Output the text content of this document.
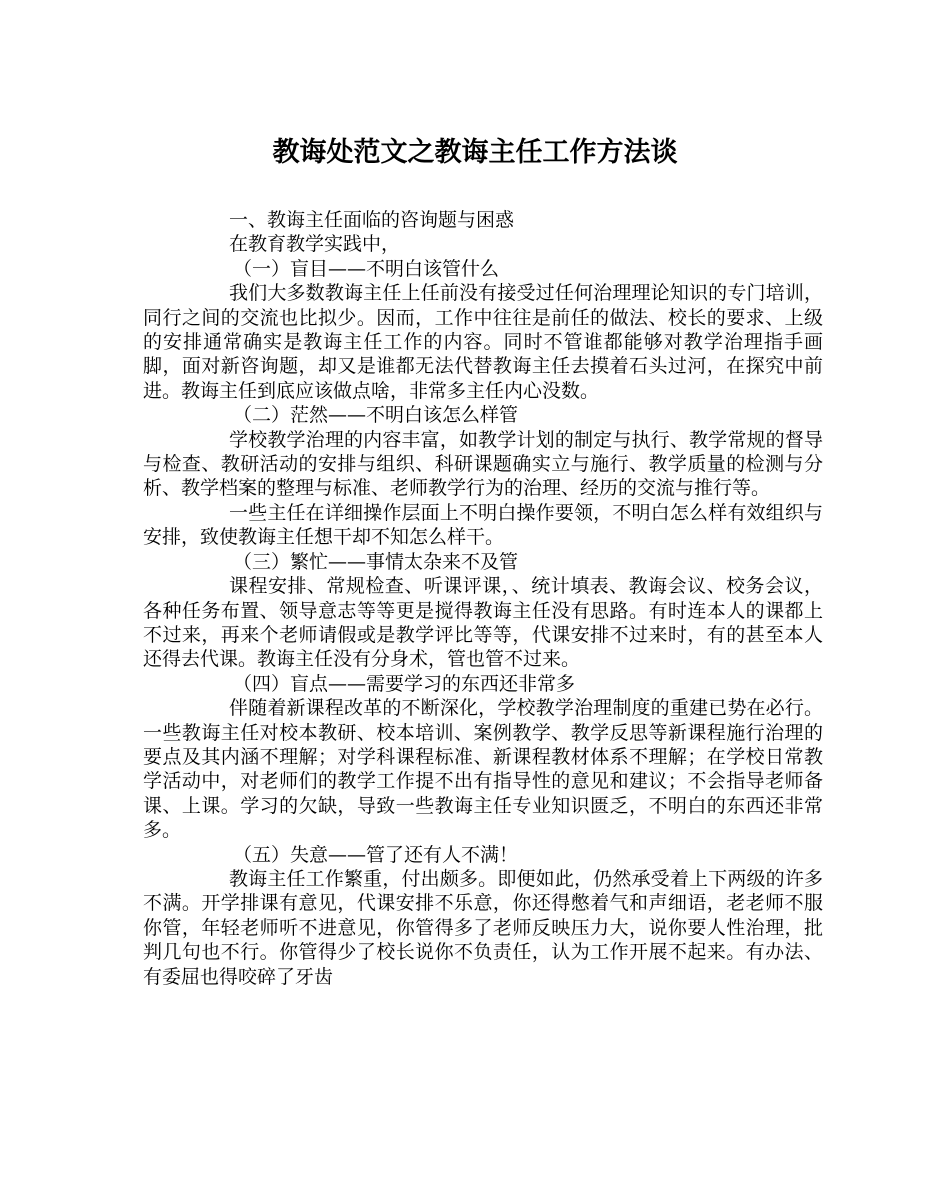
教诲处范文之教诲主任工作方法谈

一、教诲主任面临的咨询题与困惑

在教育教学实践中，

（一）盲目——不明白该管什么

我们大多数教诲主任上任前没有接受过任何治理理论知识的专门培训，同行之间的交流也比拟少。因而，工作中往往是前任的做法、校长的要求、上级的安排通常确实是教诲主任工作的内容。同时不管谁都能够对教学治理指手画脚，面对新咨询题，却又是谁都无法代替教诲主任去摸着石头过河，在探究中前进。教诲主任到底应该做点啥，非常多主任内心没数。

（二）茫然——不明白该怎么样管

学校教学治理的内容丰富，如教学计划的制定与执行、教学常规的督导与检查、教研活动的安排与组织、科研课题确实立与施行、教学质量的检测与分析、教学档案的整理与标准、老师教学行为的治理、经历的交流与推行等。

一些主任在详细操作层面上不明白操作要领，不明白怎么样有效组织与安排，致使教诲主任想干却不知怎么样干。

（三）繁忙——事情太杂来不及管

课程安排、常规检查、听课评课，、统计填表、教诲会议、校务会议，各种任务布置、领导意志等等更是搅得教诲主任没有思路。有时连本人的课都上不过来，再来个老师请假或是教学评比等等，代课安排不过来时，有的甚至本人还得去代课。教诲主任没有分身术，管也管不过来。

（四）盲点——需要学习的东西还非常多

伴随着新课程改革的不断深化，学校教学治理制度的重建已势在必行。一些教诲主任对校本教研、校本培训、案例教学、教学反思等新课程施行治理的要点及其内涵不理解；对学科课程标准、新课程教材体系不理解；在学校日常教学活动中，对老师们的教学工作提不出有指导性的意见和建议；不会指导老师备课、上课。学习的欠缺，导致一些教诲主任专业知识匮乏，不明白的东西还非常多。

（五）失意——管了还有人不满！

教诲主任工作繁重，付出颇多。即便如此，仍然承受着上下两级的许多不满。开学排课有意见，代课安排不乐意，你还得憋着气和声细语，老老师不服你管，年轻老师听不进意见，你管得多了老师反映压力大，说你要人性治理，批判几句也不行。你管得少了校长说你不负责任，认为工作开展不起来。有办法、有委屈也得咬碎了牙齿
